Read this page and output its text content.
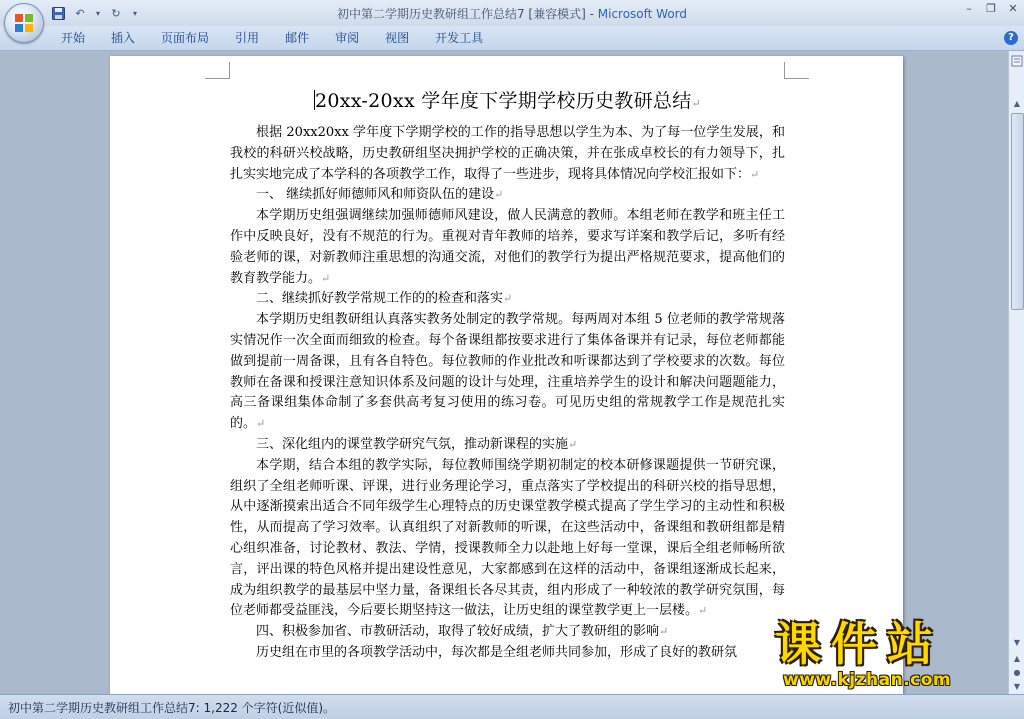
↶ ▾ ↻ ▾	初中第二学期历史教研组工作总结7 [兼容模式] - Microsoft Word	–	❐ ✕
开始	插入	页面布局	引用	邮件	审阅	视图	开发工具	?

20xx-20xx 学年度下学期学校历史教研总结↵

根据 20xx20xx 学年度下学期学校的工作的指导思想以学生为本、为了每一位学生发展，和我校的科研兴校战略，历史教研组坚决拥护学校的正确决策，并在张成卓校长的有力领导下，扎扎实实地完成了本学科的各项教学工作，取得了一些进步，现将具体情况向学校汇报如下：↵

一、 继续抓好师德师风和师资队伍的建设↵

本学期历史组强调继续加强师德师风建设，做人民满意的教师。本组老师在教学和班主任工作中反映良好，没有不规范的行为。重视对青年教师的培养，要求写详案和教学后记，多听有经验老师的课，对新教师注重思想的沟通交流，对他们的教学行为提出严格规范要求，提高他们的教育教学能力。↵

二、继续抓好教学常规工作的的检查和落实↵

本学期历史组教研组认真落实教务处制定的教学常规。每两周对本组 5 位老师的教学常规落实情况作一次全面而细致的检查。每个备课组都按要求进行了集体备课并有记录，每位老师都能做到提前一周备课，且有各自特色。每位教师的作业批改和听课都达到了学校要求的次数。每位教师在备课和授课注意知识体系及问题的设计与处理，注重培养学生的设计和解决问题题能力，高三备课组集体命制了多套供高考复习使用的练习卷。可见历史组的常规教学工作是规范扎实的。↵

三、深化组内的课堂教学研究气氛，推动新课程的实施↵

本学期，结合本组的教学实际，每位教师围绕学期初制定的校本研修课题提供一节研究课，组织了全组老师听课、评课，进行业务理论学习，重点落实了学校提出的科研兴校的指导思想，从中逐渐摸索出适合不同年级学生心理特点的历史课堂教学模式提高了学生学习的主动性和积极性，从而提高了学习效率。认真组织了对新教师的听课，在这些活动中，备课组和教研组都是精心组织准备，讨论教材、教法、学情，授课教师全力以赴地上好每一堂课，课后全组老师畅所欲言，评出课的特色风格并提出建设性意见，大家都感到在这样的活动中，备课组逐渐成长起来，成为组织教学的最基层中坚力量，备课组长各尽其责，组内形成了一种较浓的教学研究氛围，每位老师都受益匪浅，今后要长期坚持这一做法，让历史组的课堂教学更上一层楼。↵

四、积极参加省、市教研活动，取得了较好成绩，扩大了教研组的影响↵

历史组在市里的各项教学活动中，每次都是全组老师共同参加，形成了良好的教研氛

▲
▼
▲
●
▼
初中第二学期历史教研组工作总结7: 1,222 个字符(近似值)。
课件站
www.kjzhan.com
